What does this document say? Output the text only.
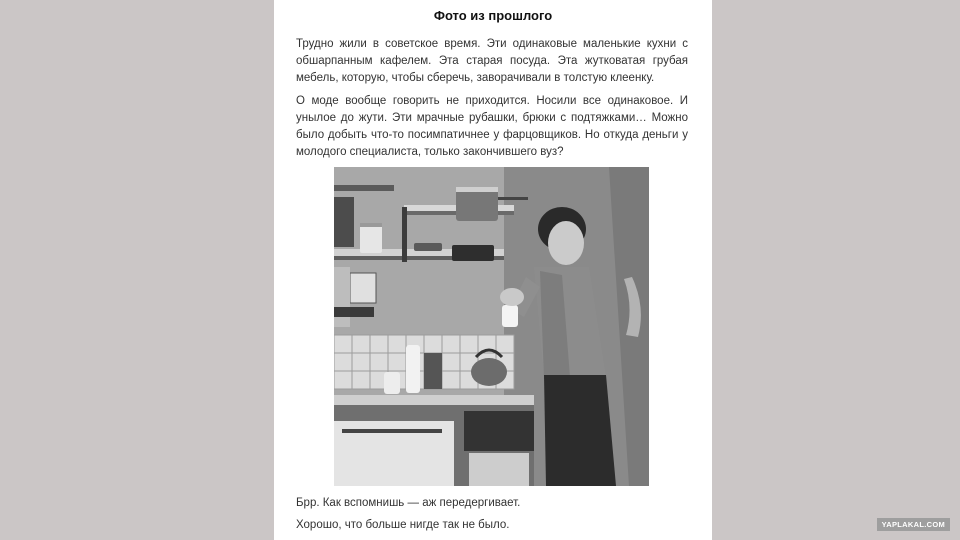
Фото из прошлого

Трудно жили в советское время. Эти одинаковые маленькие кухни с обшарпанным кафелем. Эта старая посуда. Эта жутковатая грубая мебель, которую, чтобы сберечь, заворачивали в толстую клеенку.

О моде вообще говорить не приходится. Носили все одинаковое. И унылое до жути. Эти мрачные рубашки, брюки с подтяжками… Можно было добыть что-то посимпатичнее у фарцовщиков. Но откуда деньги у молодого специалиста, только закончившего вуз?

Брр. Как вспомнишь — аж передергивает.

Хорошо, что больше нигде так не было.	YAPLAKAL.COM
